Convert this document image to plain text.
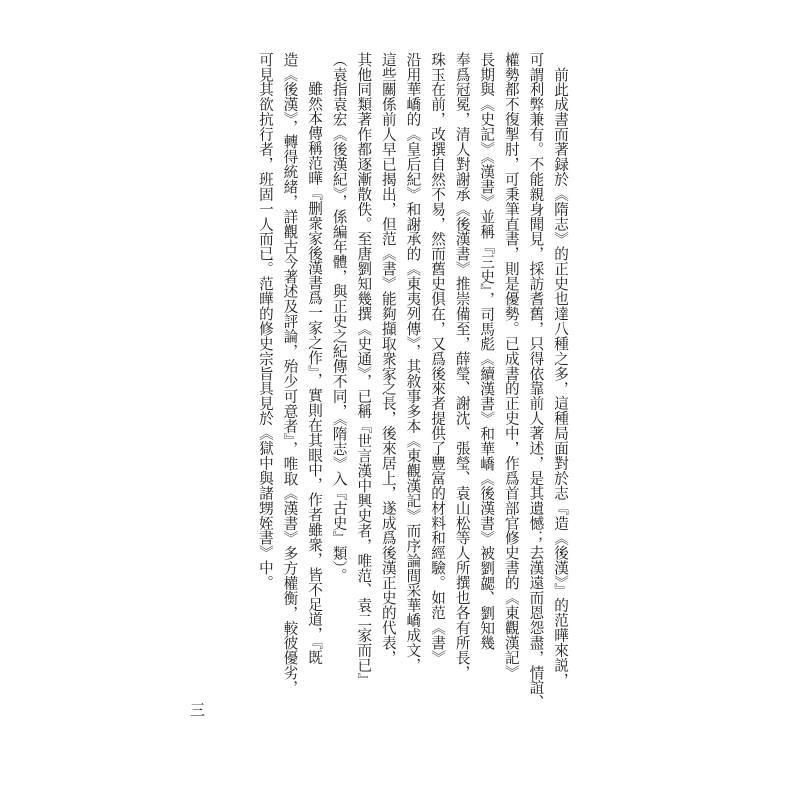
前此成書而著録於《隋志》的正史也達八種之多，這種局面對於志『造《後漢》』的范曄來説，
可謂利弊兼有。不能親身聞見，採訪耆舊，只得依靠前人著述，是其遺憾；去漢遠而恩怨盡，情誼、
權勢都不復掣肘，可秉筆直書，則是優勢。已成書的正史中，作爲首部官修史書的《東觀漢記》
長期與《史記》《漢書》並稱『三史』，司馬彪《續漢書》和華嶠《後漢書》被劉勰、劉知幾
奉爲冠冕，清人對謝承《後漢書》推崇備至，薛瑩、謝沈、張瑩、袁山松等人所撰也各有所長，
珠玉在前，改撰自然不易，然而舊史俱在，又爲後來者提供了豐富的材料和經驗。如范《書》
沿用華嶠的《皇后紀》和謝承的《東夷列傳》，其敘事多本《東觀漢記》而序論間采華嶠成文，
這些關係前人早已揭出，但范《書》能夠擷取衆家之長，後來居上，遂成爲後漢正史的代表，
其他同類著作都逐漸散佚。至唐劉知幾撰《史通》，已稱『世言漢中興史者，唯范、袁二家而已』
（袁指袁宏《後漢紀》，係編年體，與正史之紀傳不同，《隋志》入『古史』類）。
雖然本傳稱范曄『删衆家後漢書爲一家之作』，實則在其眼中，作者雖衆，皆不足道，『既
造《後漢》，轉得統緒，詳觀古今著述及評論，殆少可意者』，唯取《漢書》多方權衡，較彼優劣，
可見其欲抗行者，班固一人而已。范曄的修史宗旨具見於《獄中與諸甥姪書》中。
三
